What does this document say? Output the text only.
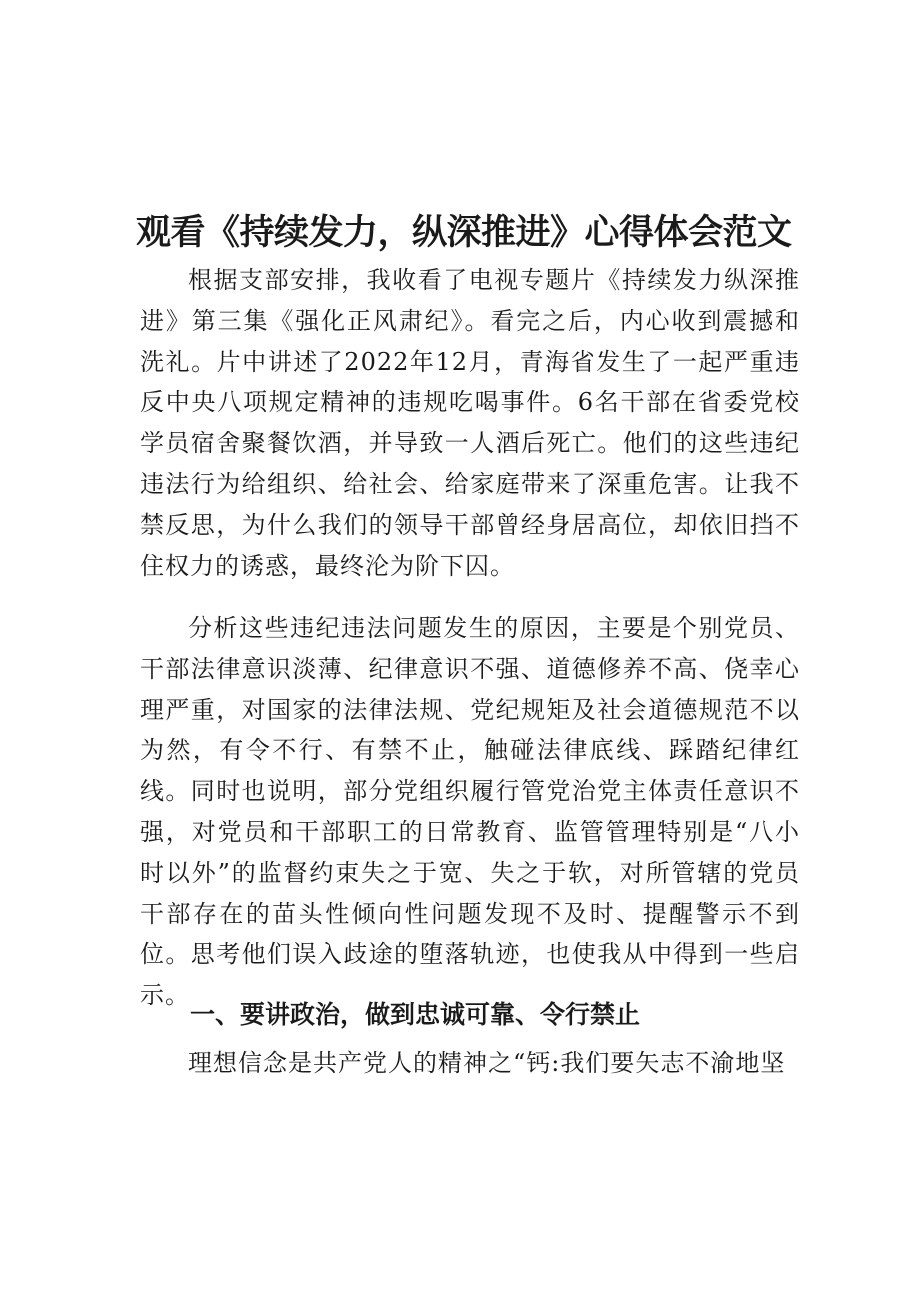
观看《持续发力，纵深推进》心得体会范文

根据支部安排，我收看了电视专题片《持续发力纵深推进》第三集《强化正风肃纪》。看完之后，内心收到震撼和洗礼。片中讲述了2022年12月，青海省发生了一起严重违反中央八项规定精神的违规吃喝事件。6名干部在省委党校学员宿舍聚餐饮酒，并导致一人酒后死亡。他们的这些违纪违法行为给组织、给社会、给家庭带来了深重危害。让我不禁反思，为什么我们的领导干部曾经身居高位，却依旧挡不住权力的诱惑，最终沦为阶下囚。

分析这些违纪违法问题发生的原因，主要是个别党员、干部法律意识淡薄、纪律意识不强、道德修养不高、侥幸心理严重，对国家的法律法规、党纪规矩及社会道德规范不以为然，有令不行、有禁不止，触碰法律底线、踩踏纪律红线。同时也说明，部分党组织履行管党治党主体责任意识不强，对党员和干部职工的日常教育、监管管理特别是“八小时以外”的监督约束失之于宽、失之于软，对所管辖的党员干部存在的苗头性倾向性问题发现不及时、提醒警示不到位。思考他们误入歧途的堕落轨迹，也使我从中得到一些启示。

一、要讲政治，做到忠诚可靠、令行禁止

理想信念是共产党人的精神之“钙:我们要矢志不渝地坚
